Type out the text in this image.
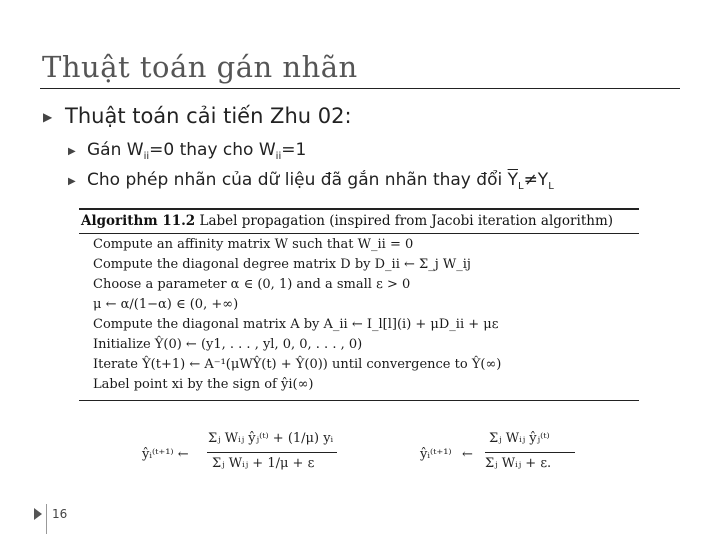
Thuật toán gán nhãn
▶ Thuật toán cải tiến Zhu 02:
▶ Gán $W_{ii}=0$ thay cho $W_{ii}=1$
▶ Cho phép nhãn của dữ liệu đã gắn nhãn thay đổi $\overline{Y}_L\ne Y_L$
Algorithm 11.2 Label propagation (inspired from Jacobi iteration algorithm)
Compute an affinity matrix W such that W_ii = 0
Compute the diagonal degree matrix D by D_ii ← Σ_j W_ij
Choose a parameter α ∈ (0, 1) and a small ε > 0
μ ← α/(1−α) ∈ (0, +∞)
Compute the diagonal matrix A by A_ii ← I_l[l](i) + μD_ii + με
Initialize Ŷ(0) ← (y1, . . . , yl, 0, 0, . . . , 0)
Iterate Ŷ(t+1) ← A⁻¹(μWŶ(t) + Ŷ(0)) until convergence to Ŷ(∞)
Label point xi by the sign of ŷi(∞)
ŷᵢ⁽ᵗ⁺¹⁾ ←
Σⱼ Wᵢⱼ ŷⱼ⁽ᵗ⁾ + (1/μ) yᵢ
Σⱼ Wᵢⱼ + 1/μ + ε
ŷᵢ⁽ᵗ⁺¹⁾ ←
Σⱼ Wᵢⱼ ŷⱼ⁽ᵗ⁾
Σⱼ Wᵢⱼ + ε.
16
